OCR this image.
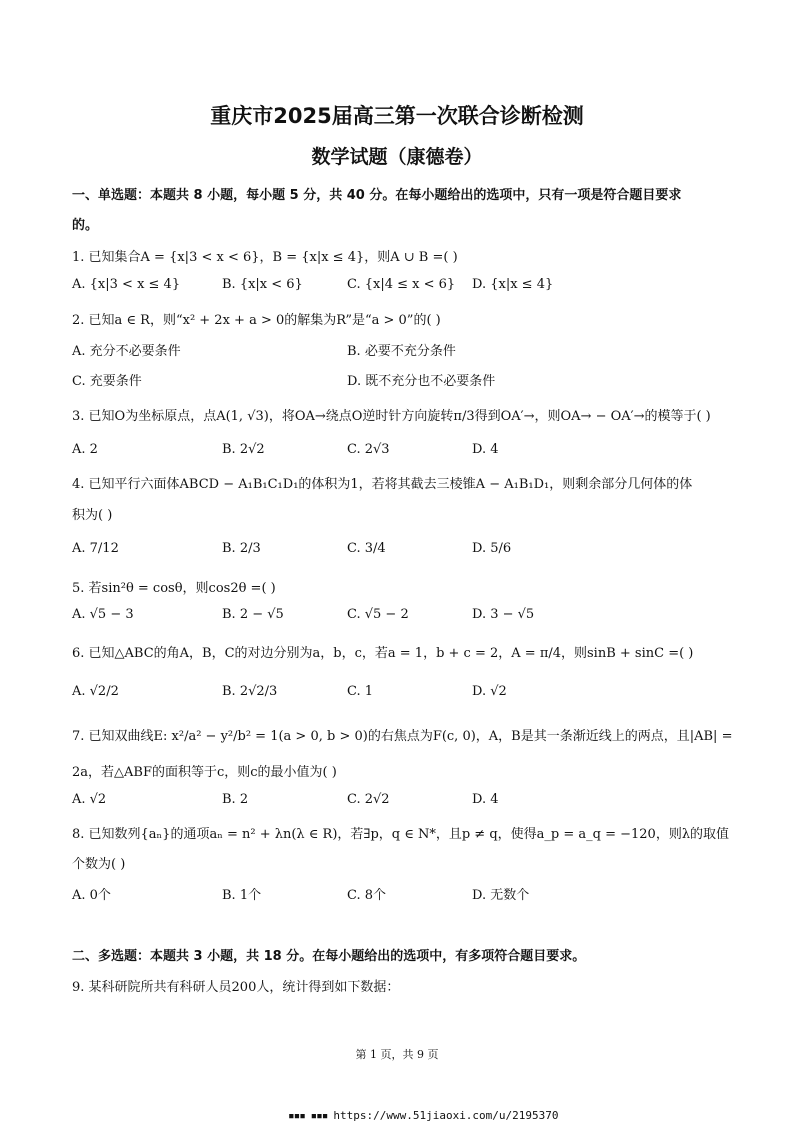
重庆市2025届高三第一次联合诊断检测
数学试题（康德卷）
一、单选题：本题共 8 小题，每小题 5 分，共 40 分。在每小题给出的选项中，只有一项是符合题目要求
的。
1. 已知集合A = {x|3 < x < 6}，B = {x|x ≤ 4}，则A ∪ B =( )
A. {x|3 < x ≤ 4}	B. {x|x < 6}	C. {x|4 ≤ x < 6} D. {x|x ≤ 4}
2. 已知a ∈ R，则“x² + 2x + a > 0的解集为R”是“a > 0”的( )
A. 充分不必要条件	B. 必要不充分条件
C. 充要条件	D. 既不充分也不必要条件
3. 已知O为坐标原点，点A(1, √3)，将OA→绕点O逆时针方向旋转π/3得到OA′→，则OA→ − OA′→的模等于( )
A. 2	B. 2√2	C. 2√3	D. 4
4. 已知平行六面体ABCD − A₁B₁C₁D₁的体积为1，若将其截去三棱锥A − A₁B₁D₁，则剩余部分几何体的体
积为( )
A. 7/12	B. 2/3	C. 3/4	D. 5/6
5. 若sin²θ = cosθ，则cos2θ =( )
A. √5 − 3	B. 2 − √5	C. √5 − 2	D. 3 − √5
6. 已知△ABC的角A，B，C的对边分别为a，b，c，若a = 1，b + c = 2，A = π/4，则sinB + sinC =( )
A. √2/2	B. 2√2/3	C. 1	D. √2
7. 已知双曲线E: x²/a² − y²/b² = 1(a > 0, b > 0)的右焦点为F(c, 0)，A，B是其一条渐近线上的两点，且|AB| =
2a，若△ABF的面积等于c，则c的最小值为( )
A. √2	B. 2	C. 2√2	D. 4
8. 已知数列{aₙ}的通项aₙ = n² + λn(λ ∈ R)，若∃p，q ∈ N*，且p ≠ q，使得a_p = a_q = −120，则λ的取值
个数为( )
A. 0个	B. 1个	C. 8个	D. 无数个
二、多选题：本题共 3 小题，共 18 分。在每小题给出的选项中，有多项符合题目要求。
9. 某科研院所共有科研人员200人，统计得到如下数据：
第 1 页，共 9 页
▪▪▪ ▪▪▪ https://www.51jiaoxi.com/u/2195370
